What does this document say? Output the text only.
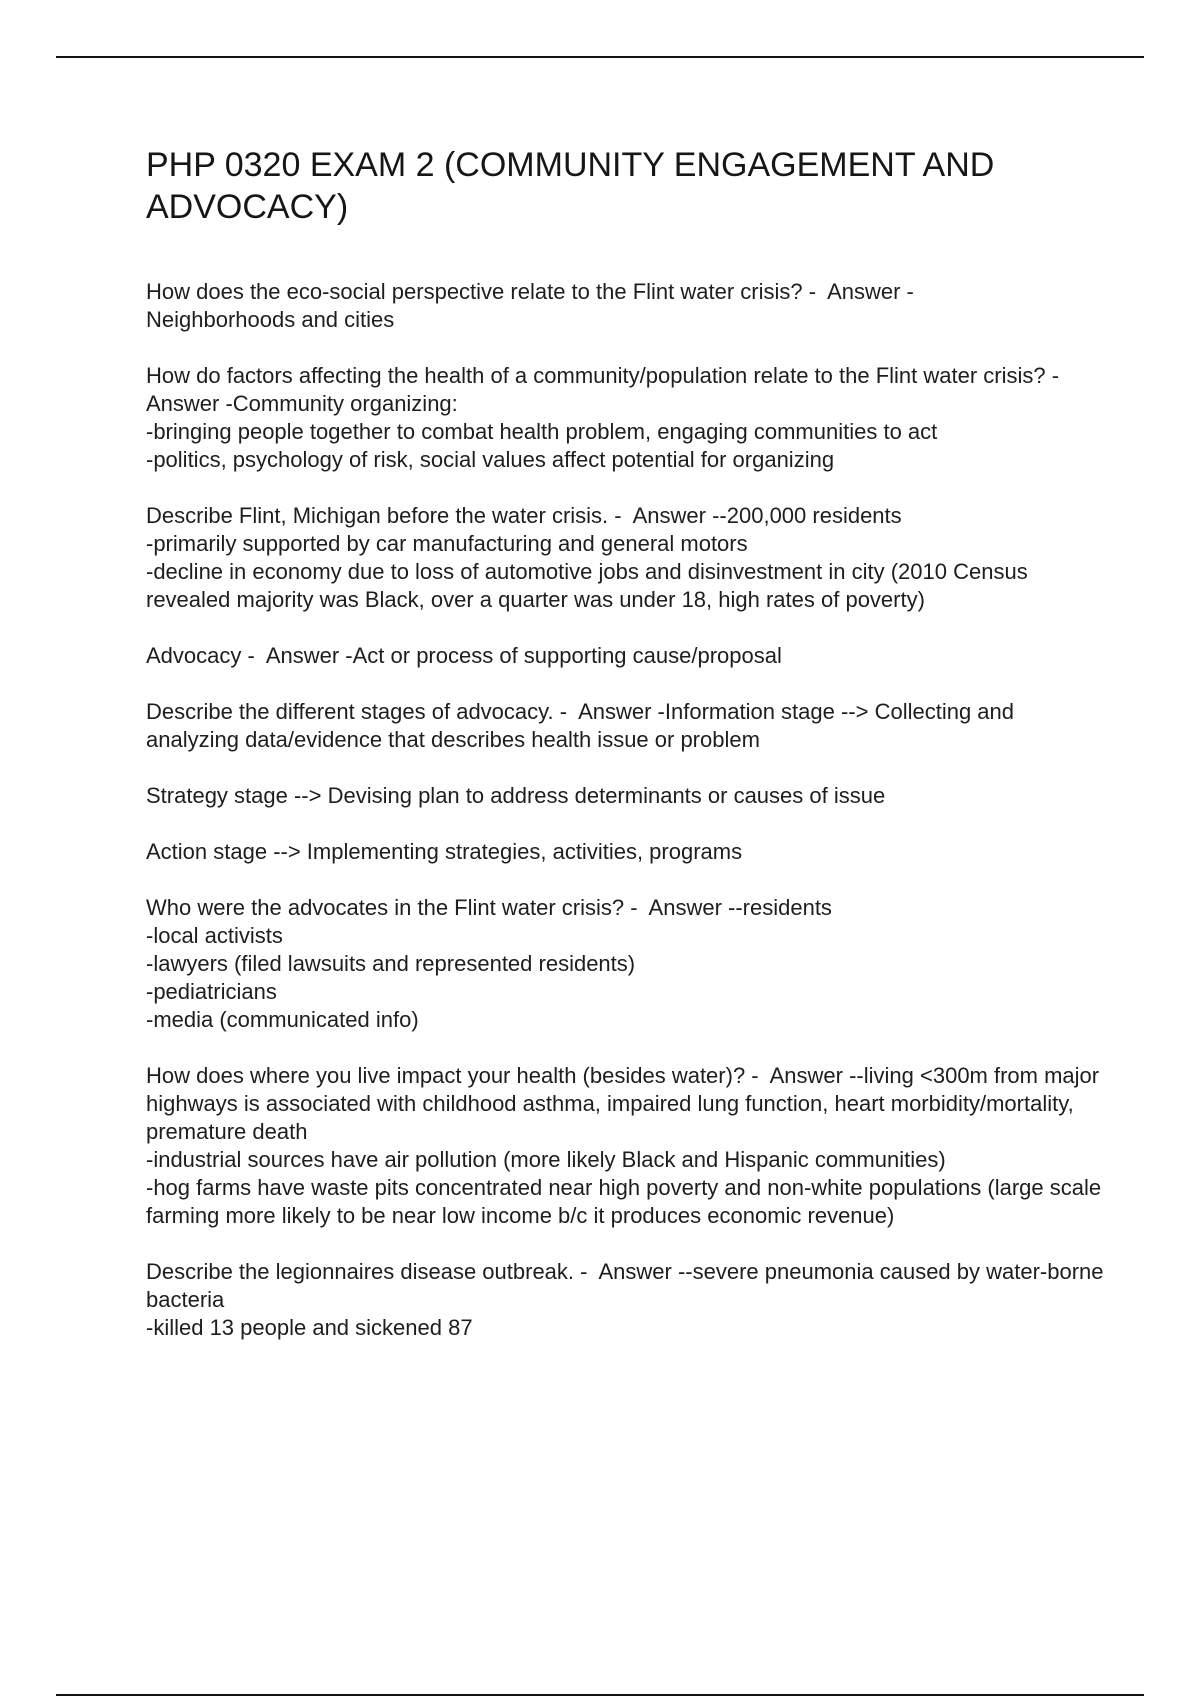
PHP 0320 EXAM 2 (COMMUNITY ENGAGEMENT AND ADVOCACY)

How does the eco-social perspective relate to the Flint water crisis? -  Answer -
Neighborhoods and cities

How do factors affecting the health of a community/population relate to the Flint water crisis? -  Answer -Community organizing:
-bringing people together to combat health problem, engaging communities to act
-politics, psychology of risk, social values affect potential for organizing

Describe Flint, Michigan before the water crisis. -  Answer --200,000 residents
-primarily supported by car manufacturing and general motors
-decline in economy due to loss of automotive jobs and disinvestment in city (2010 Census revealed majority was Black, over a quarter was under 18, high rates of poverty)

Advocacy -  Answer -Act or process of supporting cause/proposal

Describe the different stages of advocacy. -  Answer -Information stage --> Collecting and analyzing data/evidence that describes health issue or problem

Strategy stage --> Devising plan to address determinants or causes of issue

Action stage --> Implementing strategies, activities, programs

Who were the advocates in the Flint water crisis? -  Answer --residents
-local activists
-lawyers (filed lawsuits and represented residents)
-pediatricians
-media (communicated info)

How does where you live impact your health (besides water)? -  Answer --living <300m from major highways is associated with childhood asthma, impaired lung function, heart morbidity/mortality, premature death
-industrial sources have air pollution (more likely Black and Hispanic communities)
-hog farms have waste pits concentrated near high poverty and non-white populations (large scale farming more likely to be near low income b/c it produces economic revenue)

Describe the legionnaires disease outbreak. -  Answer --severe pneumonia caused by water-borne bacteria
-killed 13 people and sickened 87
